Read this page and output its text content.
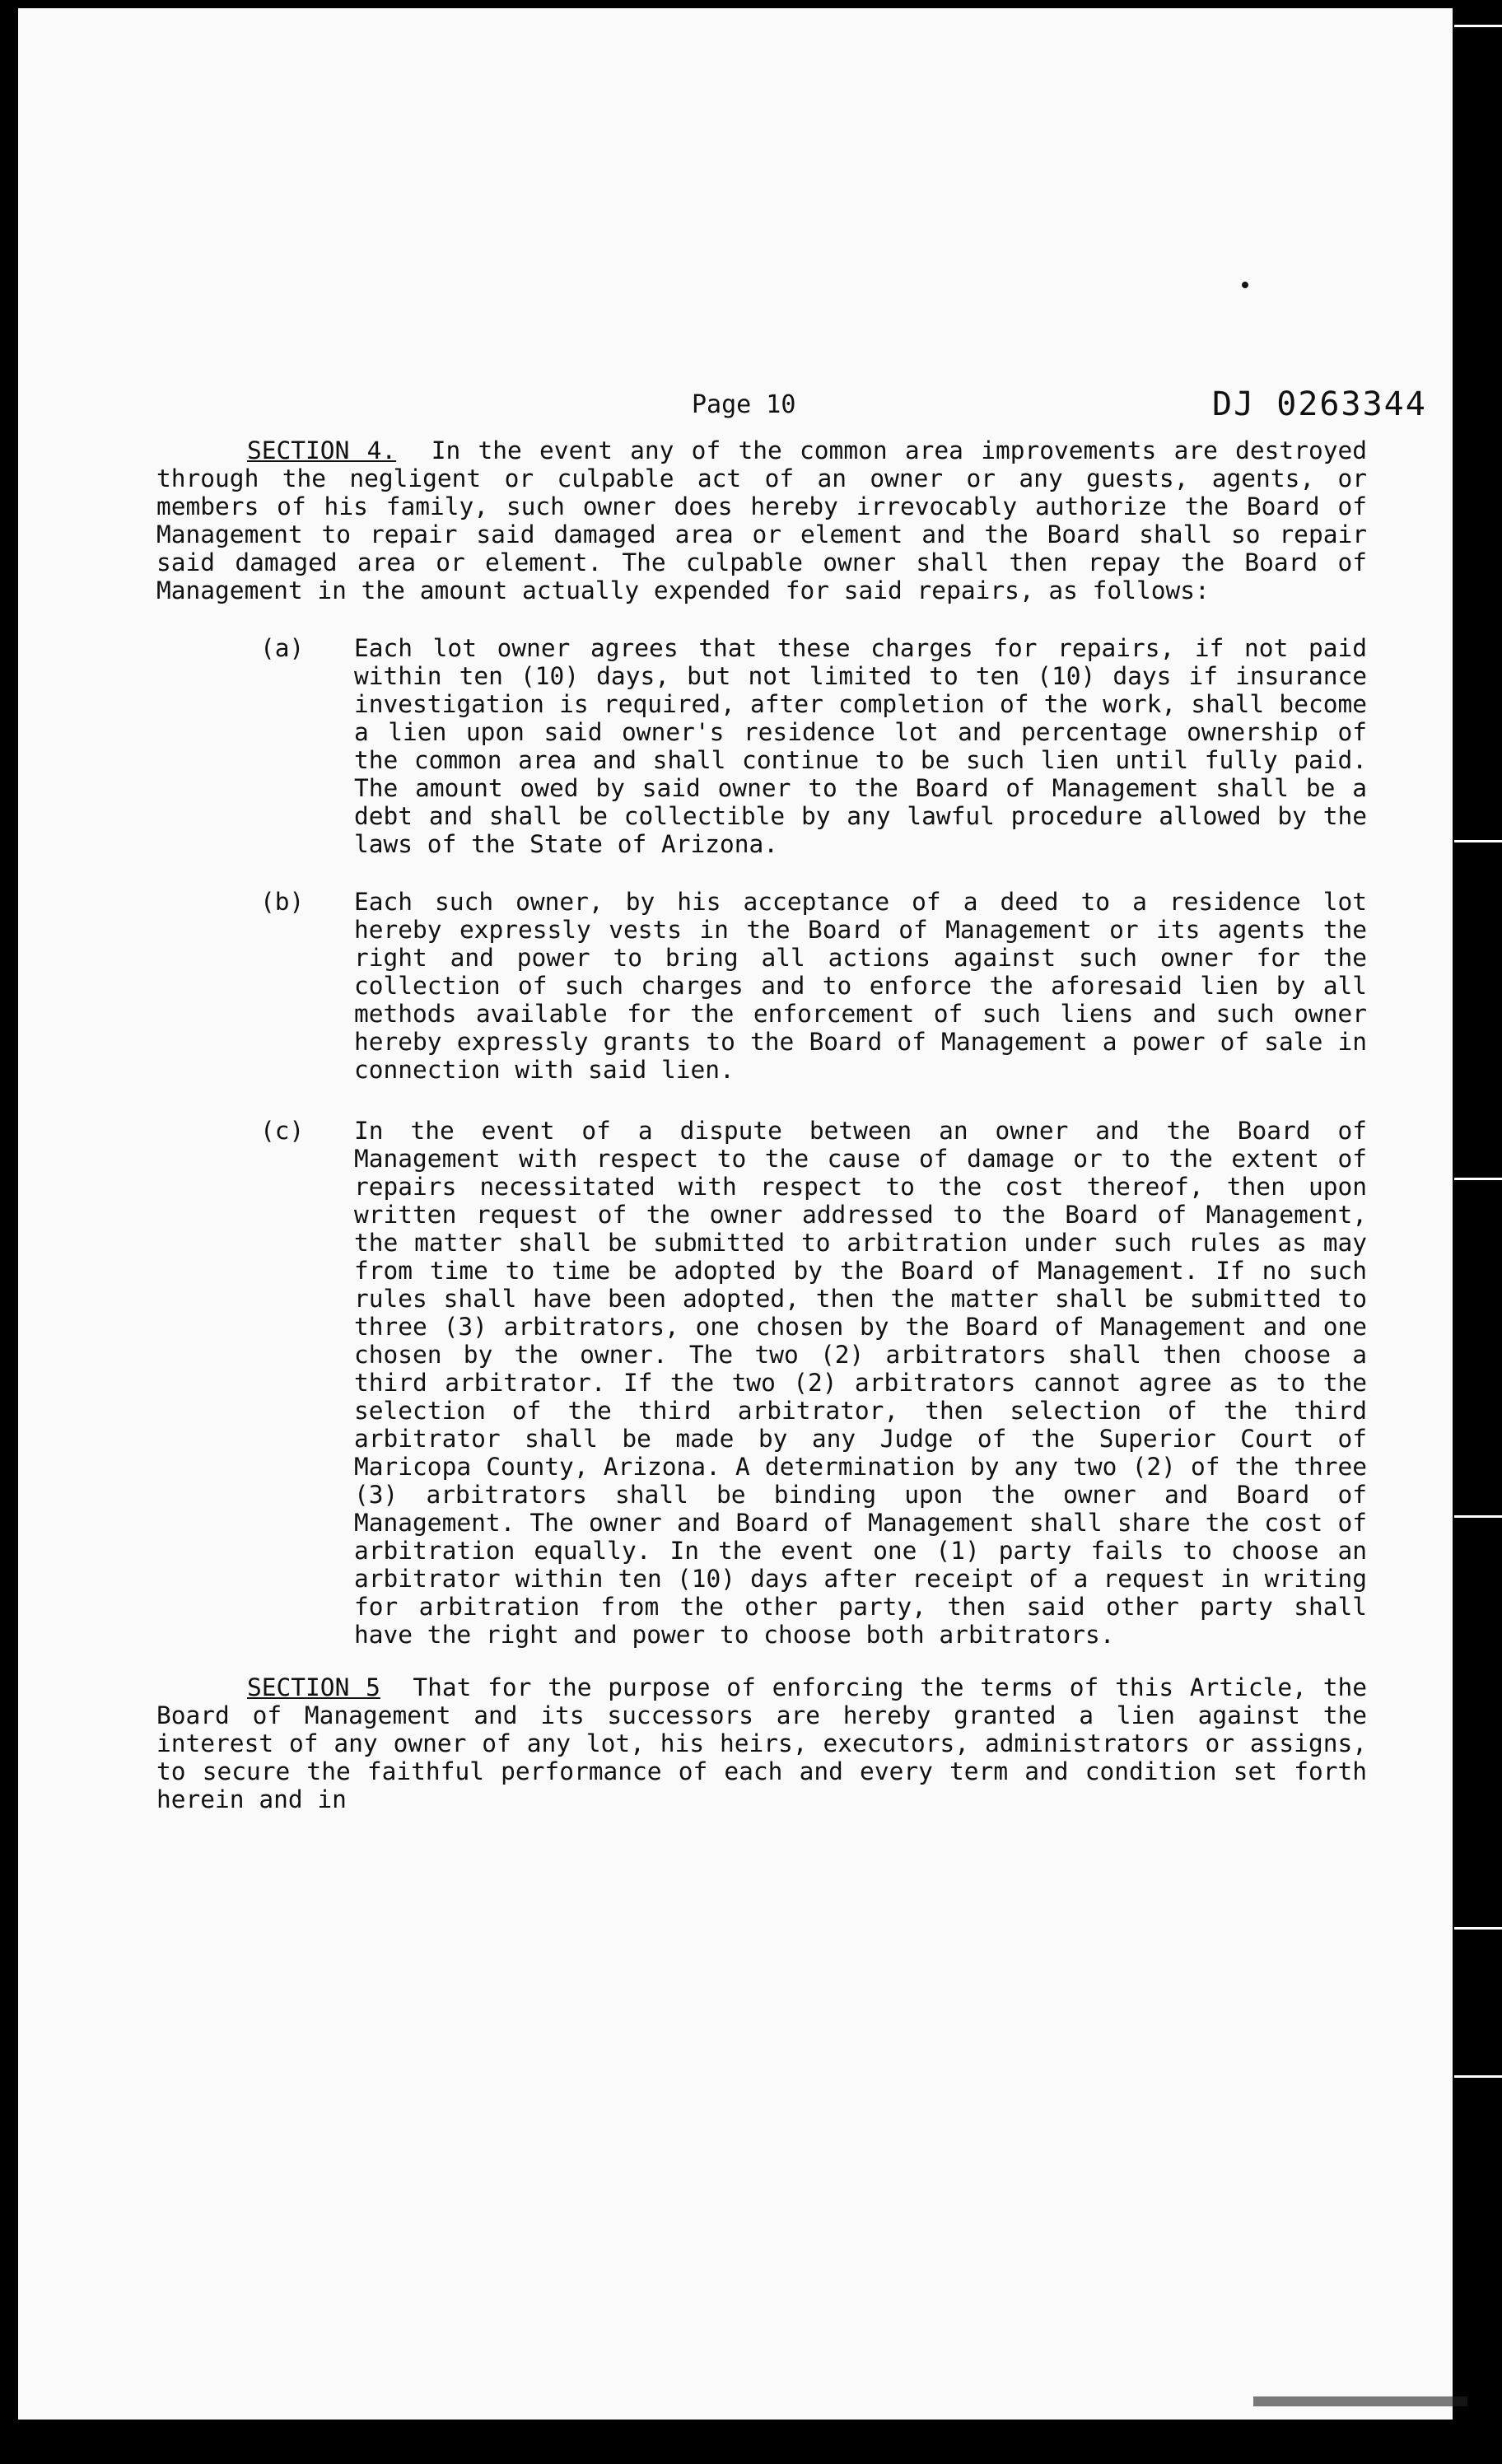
Page 10	DJ 0263344

SECTION 4. In the event any of the common area improvements are destroyed through the negligent or culpable act of an owner or any guests, agents, or members of his family, such owner does hereby irrevocably authorize the Board of Management to repair said damaged area or element and the Board shall so repair said damaged area or element. The culpable owner shall then repay the Board of Management in the amount actually expended for said repairs, as follows:

(a) Each lot owner agrees that these charges for repairs, if not paid within ten (10) days, but not limited to ten (10) days if insurance investigation is required, after completion of the work, shall become a lien upon said owner's residence lot and percentage ownership of the common area and shall continue to be such lien until fully paid. The amount owed by said owner to the Board of Management shall be a debt and shall be collectible by any lawful procedure allowed by the laws of the State of Arizona.

(b) Each such owner, by his acceptance of a deed to a residence lot hereby expressly vests in the Board of Management or its agents the right and power to bring all actions against such owner for the collection of such charges and to enforce the aforesaid lien by all methods available for the enforcement of such liens and such owner hereby expressly grants to the Board of Management a power of sale in connection with said lien.

(c) In the event of a dispute between an owner and the Board of Management with respect to the cause of damage or to the extent of repairs necessitated with respect to the cost thereof, then upon written request of the owner addressed to the Board of Management, the matter shall be submitted to arbitration under such rules as may from time to time be adopted by the Board of Management. If no such rules shall have been adopted, then the matter shall be submitted to three (3) arbitrators, one chosen by the Board of Management and one chosen by the owner. The two (2) arbitrators shall then choose a third arbitrator. If the two (2) arbitrators cannot agree as to the selection of the third arbitrator, then selection of the third arbitrator shall be made by any Judge of the Superior Court of Maricopa County, Arizona. A determination by any two (2) of the three (3) arbitrators shall be binding upon the owner and Board of Management. The owner and Board of Management shall share the cost of arbitration equally. In the event one (1) party fails to choose an arbitrator within ten (10) days after receipt of a request in writing for arbitration from the other party, then said other party shall have the right and power to choose both arbitrators.

SECTION 5 That for the purpose of enforcing the terms of this Article, the Board of Management and its successors are hereby granted a lien against the interest of any owner of any lot, his heirs, executors, administrators or assigns, to secure the faithful performance of each and every term and condition set forth herein and in
